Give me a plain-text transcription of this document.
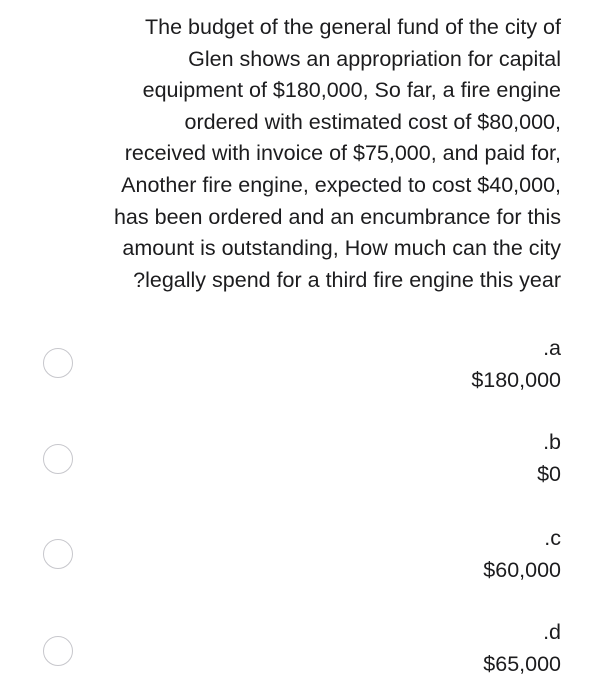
The budget of the general fund of the city of
Glen shows an appropriation for capital
equipment of $180,000, So far, a fire engine
ordered with estimated cost of $80,000,
received with invoice of $75,000, and paid for,
Another fire engine, expected to cost $40,000,
has been ordered and an encumbrance for this
amount is outstanding, How much can the city
?legally spend for a third fire engine this year
.a
$180,000
.b
$0
.c
$60,000
.d
$65,000
